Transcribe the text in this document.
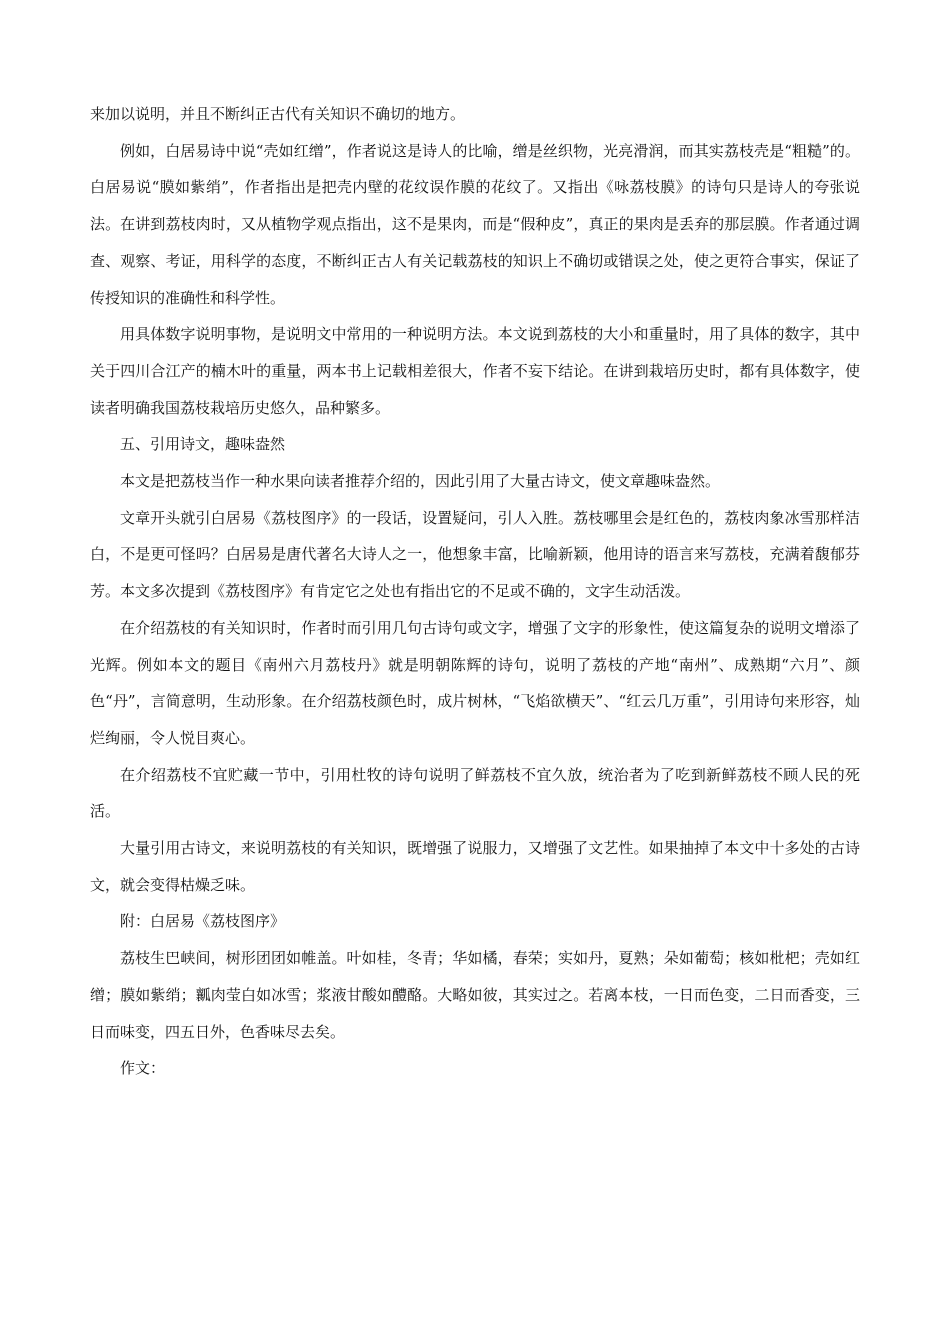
来加以说明，并且不断纠正古代有关知识不确切的地方。

例如，白居易诗中说“壳如红缯”，作者说这是诗人的比喻，缯是丝织物，光亮滑润，而其实荔枝壳是“粗糙”的。白居易说“膜如紫绡”，作者指出是把壳内壁的花纹误作膜的花纹了。又指出《咏荔枝膜》的诗句只是诗人的夸张说法。在讲到荔枝肉时，又从植物学观点指出，这不是果肉，而是“假种皮”，真正的果肉是丢弃的那层膜。作者通过调查、观察、考证，用科学的态度，不断纠正古人有关记载荔枝的知识上不确切或错误之处，使之更符合事实，保证了传授知识的准确性和科学性。

用具体数字说明事物，是说明文中常用的一种说明方法。本文说到荔枝的大小和重量时，用了具体的数字，其中关于四川合江产的楠木叶的重量，两本书上记载相差很大，作者不妄下结论。在讲到栽培历史时，都有具体数字，使读者明确我国荔枝栽培历史悠久，品种繁多。

五、引用诗文，趣味盎然

本文是把荔枝当作一种水果向读者推荐介绍的，因此引用了大量古诗文，使文章趣味盎然。

文章开头就引白居易《荔枝图序》的一段话，设置疑问，引人入胜。荔枝哪里会是红色的，荔枝肉象冰雪那样洁白，不是更可怪吗？白居易是唐代著名大诗人之一，他想象丰富，比喻新颖，他用诗的语言来写荔枝，充满着馥郁芬芳。本文多次提到《荔枝图序》有肯定它之处也有指出它的不足或不确的，文字生动活泼。

在介绍荔枝的有关知识时，作者时而引用几句古诗句或文字，增强了文字的形象性，使这篇复杂的说明文增添了光辉。例如本文的题目《南州六月荔枝丹》就是明朝陈辉的诗句，说明了荔枝的产地“南州”、成熟期“六月”、颜色“丹”，言简意明，生动形象。在介绍荔枝颜色时，成片树林，“飞焰欲横天”、“红云几万重”，引用诗句来形容，灿烂绚丽，令人悦目爽心。

在介绍荔枝不宜贮藏一节中，引用杜牧的诗句说明了鲜荔枝不宜久放，统治者为了吃到新鲜荔枝不顾人民的死活。

大量引用古诗文，来说明荔枝的有关知识，既增强了说服力，又增强了文艺性。如果抽掉了本文中十多处的古诗文，就会变得枯燥乏味。

附：白居易《荔枝图序》

荔枝生巴峡间，树形团团如帷盖。叶如桂，冬青；华如橘，春荣；实如丹，夏熟；朵如葡萄；核如枇杷；壳如红缯；膜如紫绡；瓤肉莹白如冰雪；浆液甘酸如醴酪。大略如彼，其实过之。若离本枝，一日而色变，二日而香变，三日而味变，四五日外，色香味尽去矣。

作文：
